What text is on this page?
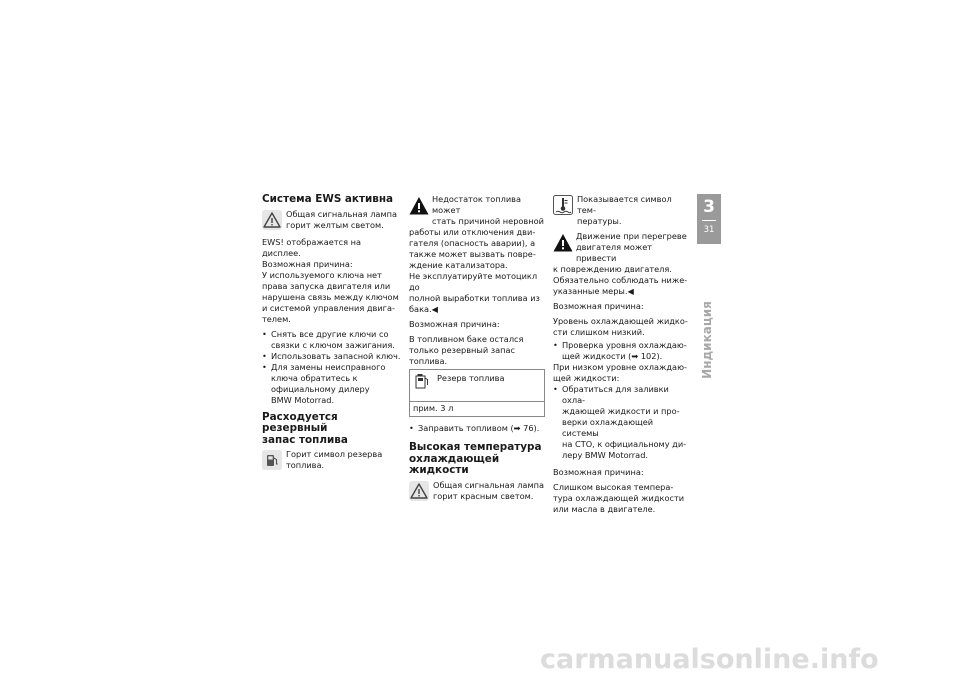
Система EWS активна
Общая сигнальная лампа
горит желтым светом.

EWS! отображается на дисплее.
Возможная причина:
У используемого ключа нет
права запуска двигателя или
нарушена связь между ключом
и системой управления двига-
телем.

• Снять все другие ключи со
связки с ключом зажигания.
• Использовать запасной ключ.
• Для замены неисправного
ключа обратитесь к
официальному дилеру
BMW Motorrad.
Расходуется резервный
запас топлива
Горит символ резерва
топлива.

Недостаток топлива может
стать причиной неровной
работы или отключения дви-
гателя (опасность аварии), а
также может вызвать повре-
ждение катализатора.
Не эксплуатируйте мотоцикл до
полной выработки топлива из
бака.◀

Возможная причина:

В топливном баке остался
только резервный запас
топлива.

Резерв топлива
прим. 3 л
• Заправить топливом (➡ 76).
Высокая температура
охлаждающей жидкости
Общая сигнальная лампа
горит красным светом.
Показывается символ тем-
пературы.

Движение при перегреве
двигателя может привести
к повреждению двигателя.
Обязательно соблюдать ниже-
указанные меры.◀

Возможная причина:

Уровень охлаждающей жидко-
сти слишком низкий.

• Проверка уровня охлаждаю-
щей жидкости (➡ 102).

При низком уровне охлаждаю-
щей жидкости:

• Обратиться для заливки охла-
ждающей жидкости и про-
верки охлаждающей системы
на СТО, к официальному ди-
леру BMW Motorrad.

Возможная причина:

Слишком высокая темпера-
тура охлаждающей жидкости
или масла в двигателе.

3
31
Индикация
carmanualsonline.info
